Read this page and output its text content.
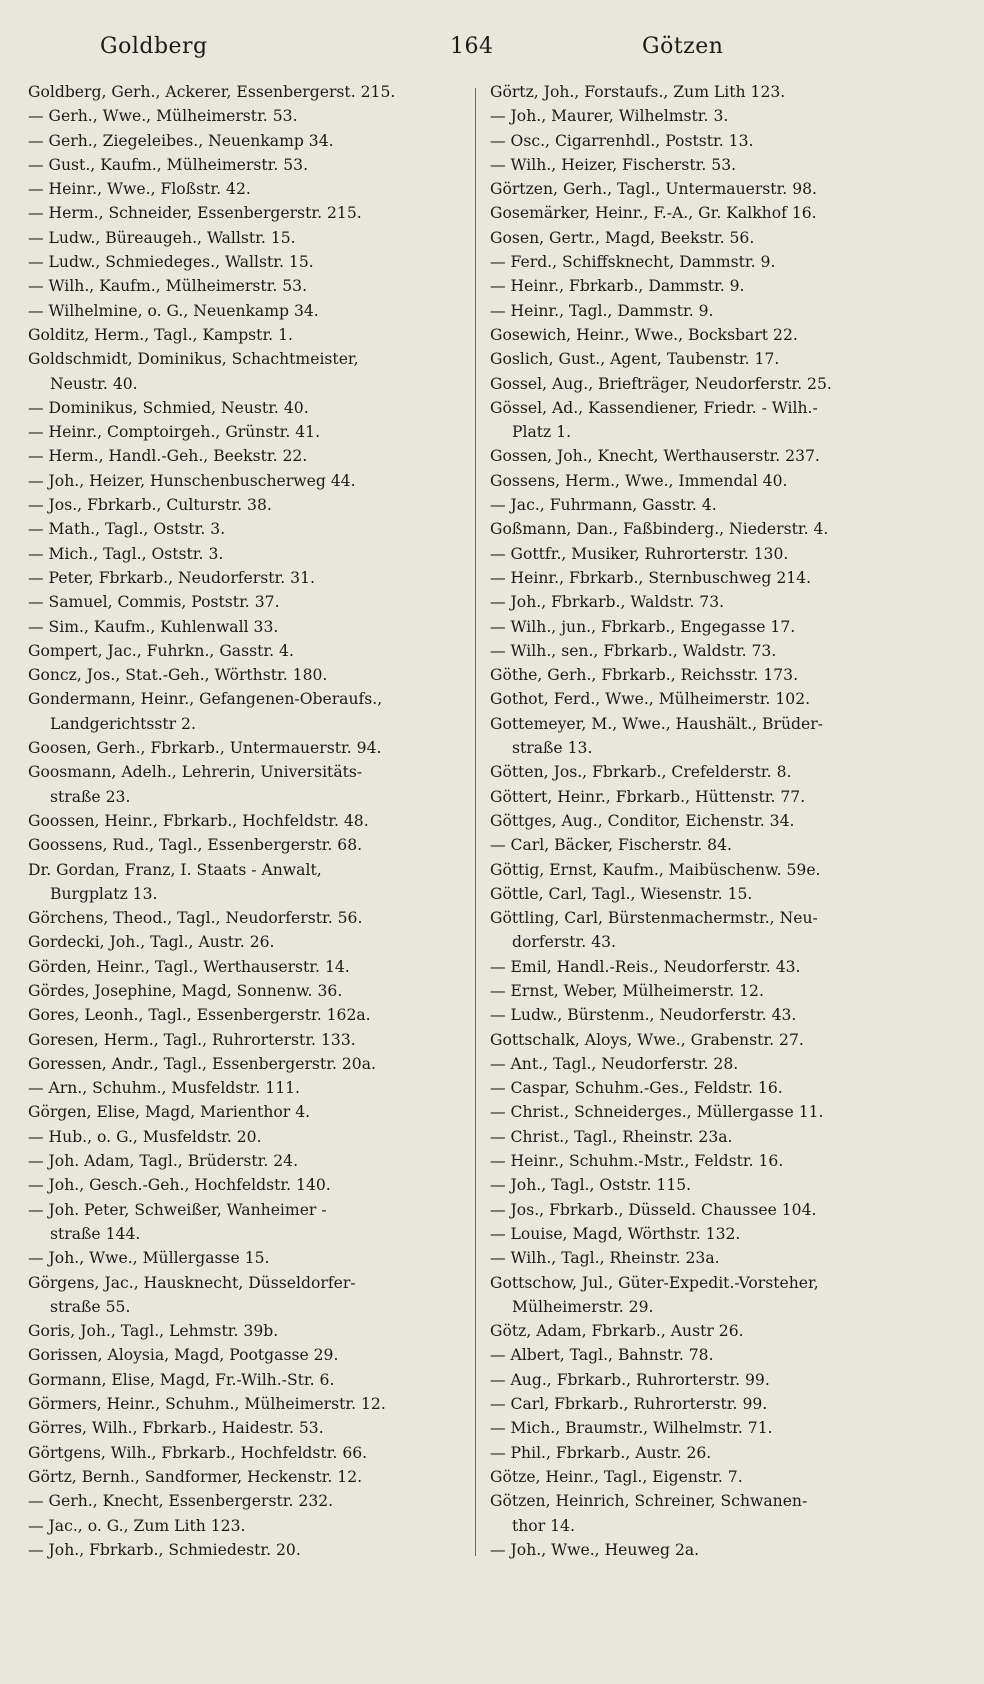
Goldberg	164	Götzen
Goldberg, Gerh., Ackerer, Essenbergerst. 215.
— Gerh., Wwe., Mülheimerstr. 53.
— Gerh., Ziegeleibes., Neuenkamp 34.
— Gust., Kaufm., Mülheimerstr. 53.
— Heinr., Wwe., Floßstr. 42.
— Herm., Schneider, Essenbergerstr. 215.
— Ludw., Büreaugeh., Wallstr. 15.
— Ludw., Schmiedeges., Wallstr. 15.
— Wilh., Kaufm., Mülheimerstr. 53.
— Wilhelmine, o. G., Neuenkamp 34.
Golditz, Herm., Tagl., Kampstr. 1.
Goldschmidt, Dominikus, Schachtmeister,
Neustr. 40.
— Dominikus, Schmied, Neustr. 40.
— Heinr., Comptoirgeh., Grünstr. 41.
— Herm., Handl.-Geh., Beekstr. 22.
— Joh., Heizer, Hunschenbuscherweg 44.
— Jos., Fbrkarb., Culturstr. 38.
— Math., Tagl., Oststr. 3.
— Mich., Tagl., Oststr. 3.
— Peter, Fbrkarb., Neudorferstr. 31.
— Samuel, Commis, Poststr. 37.
— Sim., Kaufm., Kuhlenwall 33.
Gompert, Jac., Fuhrkn., Gasstr. 4.
Goncz, Jos., Stat.-Geh., Wörthstr. 180.
Gondermann, Heinr., Gefangenen-Oberaufs.,
Landgerichtsstr 2.
Goosen, Gerh., Fbrkarb., Untermauerstr. 94.
Goosmann, Adelh., Lehrerin, Universitäts-
straße 23.
Goossen, Heinr., Fbrkarb., Hochfeldstr. 48.
Goossens, Rud., Tagl., Essenbergerstr. 68.
Dr. Gordan, Franz, I. Staats - Anwalt,
Burgplatz 13.
Görchens, Theod., Tagl., Neudorferstr. 56.
Gordecki, Joh., Tagl., Austr. 26.
Görden, Heinr., Tagl., Werthauserstr. 14.
Gördes, Josephine, Magd, Sonnenw. 36.
Gores, Leonh., Tagl., Essenbergerstr. 162a.
Goresen, Herm., Tagl., Ruhrorterstr. 133.
Goressen, Andr., Tagl., Essenbergerstr. 20a.
— Arn., Schuhm., Musfeldstr. 111.
Görgen, Elise, Magd, Marienthor 4.
— Hub., o. G., Musfeldstr. 20.
— Joh. Adam, Tagl., Brüderstr. 24.
— Joh., Gesch.-Geh., Hochfeldstr. 140.
— Joh. Peter, Schweißer, Wanheimer -
straße 144.
— Joh., Wwe., Müllergasse 15.
Görgens, Jac., Hausknecht, Düsseldorfer-
straße 55.
Goris, Joh., Tagl., Lehmstr. 39b.
Gorissen, Aloysia, Magd, Pootgasse 29.
Gormann, Elise, Magd, Fr.-Wilh.-Str. 6.
Görmers, Heinr., Schuhm., Mülheimerstr. 12.
Görres, Wilh., Fbrkarb., Haidestr. 53.
Görtgens, Wilh., Fbrkarb., Hochfeldstr. 66.
Görtz, Bernh., Sandformer, Heckenstr. 12.
— Gerh., Knecht, Essenbergerstr. 232.
— Jac., o. G., Zum Lith 123.
— Joh., Fbrkarb., Schmiedestr. 20.
Görtz, Joh., Forstaufs., Zum Lith 123.
— Joh., Maurer, Wilhelmstr. 3.
— Osc., Cigarrenhdl., Poststr. 13.
— Wilh., Heizer, Fischerstr. 53.
Görtzen, Gerh., Tagl., Untermauerstr. 98.
Gosemärker, Heinr., F.-A., Gr. Kalkhof 16.
Gosen, Gertr., Magd, Beekstr. 56.
— Ferd., Schiffsknecht, Dammstr. 9.
— Heinr., Fbrkarb., Dammstr. 9.
— Heinr., Tagl., Dammstr. 9.
Gosewich, Heinr., Wwe., Bocksbart 22.
Goslich, Gust., Agent, Taubenstr. 17.
Gossel, Aug., Briefträger, Neudorferstr. 25.
Gössel, Ad., Kassendiener, Friedr. - Wilh.-
Platz 1.
Gossen, Joh., Knecht, Werthauserstr. 237.
Gossens, Herm., Wwe., Immendal 40.
— Jac., Fuhrmann, Gasstr. 4.
Goßmann, Dan., Faßbinderg., Niederstr. 4.
— Gottfr., Musiker, Ruhrorterstr. 130.
— Heinr., Fbrkarb., Sternbuschweg 214.
— Joh., Fbrkarb., Waldstr. 73.
— Wilh., jun., Fbrkarb., Engegasse 17.
— Wilh., sen., Fbrkarb., Waldstr. 73.
Göthe, Gerh., Fbrkarb., Reichsstr. 173.
Gothot, Ferd., Wwe., Mülheimerstr. 102.
Gottemeyer, M., Wwe., Haushält., Brüder-
straße 13.
Götten, Jos., Fbrkarb., Crefelderstr. 8.
Göttert, Heinr., Fbrkarb., Hüttenstr. 77.
Göttges, Aug., Conditor, Eichenstr. 34.
— Carl, Bäcker, Fischerstr. 84.
Göttig, Ernst, Kaufm., Maibüschenw. 59e.
Göttle, Carl, Tagl., Wiesenstr. 15.
Göttling, Carl, Bürstenmachermstr., Neu-
dorferstr. 43.
— Emil, Handl.-Reis., Neudorferstr. 43.
— Ernst, Weber, Mülheimerstr. 12.
— Ludw., Bürstenm., Neudorferstr. 43.
Gottschalk, Aloys, Wwe., Grabenstr. 27.
— Ant., Tagl., Neudorferstr. 28.
— Caspar, Schuhm.-Ges., Feldstr. 16.
— Christ., Schneiderges., Müllergasse 11.
— Christ., Tagl., Rheinstr. 23a.
— Heinr., Schuhm.-Mstr., Feldstr. 16.
— Joh., Tagl., Oststr. 115.
— Jos., Fbrkarb., Düsseld. Chaussee 104.
— Louise, Magd, Wörthstr. 132.
— Wilh., Tagl., Rheinstr. 23a.
Gottschow, Jul., Güter-Expedit.-Vorsteher,
Mülheimerstr. 29.
Götz, Adam, Fbrkarb., Austr 26.
— Albert, Tagl., Bahnstr. 78.
— Aug., Fbrkarb., Ruhrorterstr. 99.
— Carl, Fbrkarb., Ruhrorterstr. 99.
— Mich., Braumstr., Wilhelmstr. 71.
— Phil., Fbrkarb., Austr. 26.
Götze, Heinr., Tagl., Eigenstr. 7.
Götzen, Heinrich, Schreiner, Schwanen-
thor 14.
— Joh., Wwe., Heuweg 2a.
